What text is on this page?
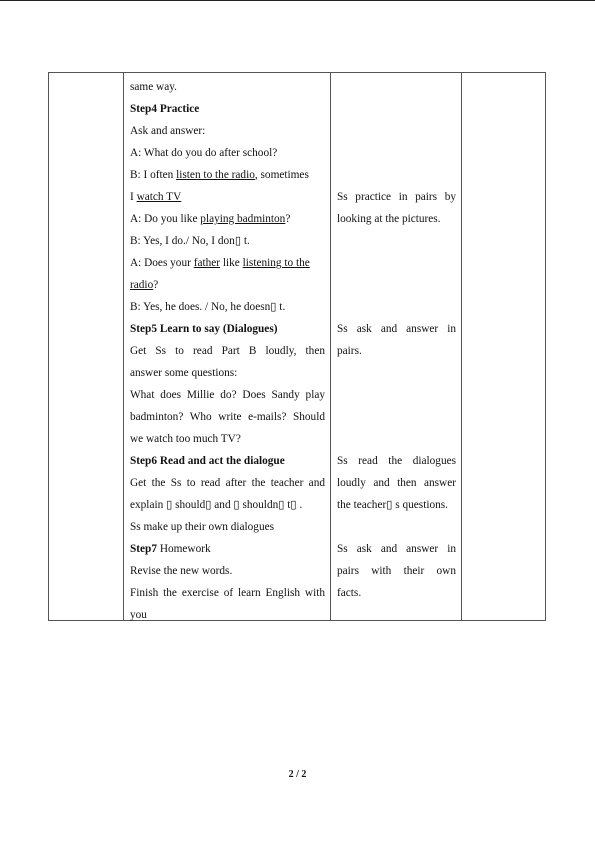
same way.
Step4 Practice
Ask and answer:
A: What do you do after school?
B: I often listen to the radio, sometimes
I watch TV
A: Do you like playing badminton?
B: Yes, I do./ No, I don▯ t.
A: Does your father like listening to the
radio?
B: Yes, he does. / No, he doesn▯ t.
Step5 Learn to say (Dialogues)
Get Ss to read Part B loudly, then
answer some questions:
What does Millie do? Does Sandy play
badminton? Who write e-mails? Should
we watch too much TV?
Step6 Read and act the dialogue
Get the Ss to read after the teacher and
explain ▯ should▯ and ▯ shouldn▯ t▯ .
Ss make up their own dialogues
Step7 Homework
Revise the new words.
Finish the exercise of learn English with
you
Ss practice in pairs by
looking at the pictures.
Ss ask and answer in
pairs.
Ss read the dialogues
loudly and then answer
the teacher▯ s questions.
Ss ask and answer in
pairs with their own
facts.
2 / 2
